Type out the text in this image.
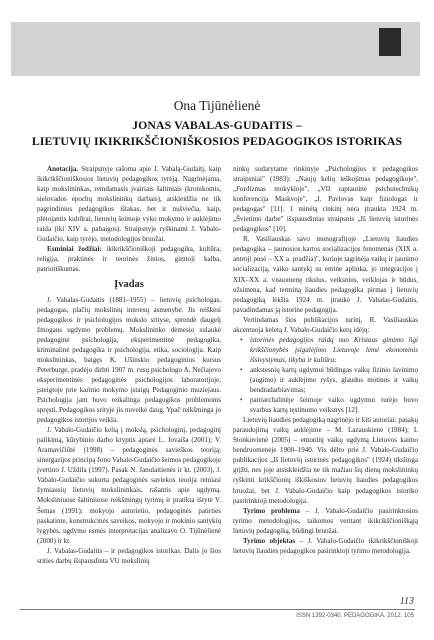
Ona Tijūnėlienė
JONAS VABALAS-GUDAITIS –
LIETUVIŲ IKIKRIKŠČIONIŠKOSIOS PEDAGOGIKOS ISTORIKAS

Anotacija. Straipsnyje rašoma apie J. Vabalą-Gudaitį, kaip ikikrikščioniškosios lietuvių pedagogikos tyrėją. Nagrinėjama, kaip mokslininkas, remdamasis įvairiais šaltiniais (kronikomis, sielovados epochų mokslininkų darbais), atskleidžia ne tik pagrindinius pedagogikos ištakas, bet ir nušviečia, kaip, plėtojantis kultūrai, lietuvių šeimoje vyko mokymo ir auklėjimo raida (iki XIV a. pabaigos). Straipsnyje ryškinami J. Vabalo-Gudaičio, kaip tyrėjo, metodologijos bruožai.

Esminiai žodžiai: ikikrikščioniškoji pedagogika, kultūra, religija, praktinės ir teorinės žinios, gimtoji kalba, patriotiškumas.

Įvadas

J. Vabalas-Gudaitis (1881–1955) – lietuvių psichologas, pedagogas, plačių mokslinių interesų asmenybė. Jis reiškėsi pedagogikos ir psichologijos mokslo srityse, sprendė daugelį žmogaus ugdymo problemų. Mokslininko dėmesio sulaukė pedagoginė psichologija, eksperimentinė pedagogika, kriminalinė pedagogika ir psichologija, etika, sociologija. Kaip mokslininkas, baigęs K. Ušinskio pedagoginius kursus Peterburge, pradėjo dirbti 1907 m. rusų psichologo A. Nečiajevo eksperimentinės pedagoginės psichologijos laboratorijoje, įsteigtoje prie karinio mokymo įstaigų Pedagoginio muziejaus. Psichologija jam buvo reikalinga pedagogikos problemoms spręsti. Pedagogikos srityje jis nuveikė daug. Ypač reikšminga jo pedagogikos istorijos veikla.

J. Vabalo-Gudaičio kelią į mokslą, psichologinį, pedagoginį palikimą, kūrybinio darbo kryptis aptarė L. Jovaiša (2001); V. Aramavičiūtė (1998) – pedagoginės savieškos teoriją; sinergazijos principą Jono Vabalo-Gudaičio šeimos pedagogikoje įvertino J. Uždila (1997). Pasak N. Janulaitienės ir kt. (2003), J. Vabalo-Gudaičio sukurta pedagoginės saviekos teorija remiasi žymiausių lietuvių mokslininkais, rašantis apie ugdymą. Moksliniuose šaltiniuose reikšmingų tyrimų ir pratikta išrytė V. Šemas (1991); mokyojo autorietio, pedagoginės patirties paskatinte, konstrukcinės saveikos, mokyojo ir mokinio santykių lygybės, ugdymo esmės interpretacijas analizavo O. Tijūnėlienė (2000) ir kt.

J. Vabalas-Gudaitis – ir pedagogikos istorikas. Dalis jo šios srities darbų išspausdinta VU mokslinių

ninkų sudarytame rinkinyje „Psichologijos ir pedagogikos straipsniai" (1983): „Naujų kelių ieškojimas pedagogikoje", „Fordizmas mokykloje", „VII raptautinė psichotechnikų konferencija Maskvoje", „I. Pavlovas kaip fiziologas ir pedagogas" [11]. 1 minėtą rinkinį nėra įtraukta 1924 m. „Švietimo darbe" išspausdintas straipsnis „Iš lietuvių istorinės pedagogikos" [10].

R. Vasiliauskas savo monografijoje „Lietuvių liaudies pedagogika – jaunosios kartos socializacijos fenomenas (XIX a. antroji pusė – XX a. pradžia)", kurioje tagrinėja vaikų ir jaunimo socializaciją, vaiko santykį su emine aplinka, jo integracijos į XIX–XX a. visuomenę tikslus, veiksnius, veiklojas ir būdus, užsimena, kad terminą liaudies pedagogika pirmas į lietuvių pedagogiką lėkšta 1924 m. įtraukė J. Vabalas-Gudaitis, pavadindamas ją istorine pedagogija.

Vertindamas šios publikacijos turinį, R. Vasiliauskas akcentuoja keletą J. Vabalo-Gudaičio ketų idėjų:

• istorinės pedagogijos raidą nuo Kristaus gimimo ligi krikščionybės įsigalėjimo Lietuvoje lėmė ekonominis išsivystymas, tikyba ir kultūra;
• ankstesnių kartų ugdymui būdingas vaikų fizinio lavinimo (augimo) ir auklėjimo ryšys, glaudus motinos ir vaikų bendradarbiavimas;
• patriarchalinėje šeimoje vaiko ugdymui turėjo buvo svarbus kartų tęstinumo veiksnys [12].

Lietuvių liaudies pedagogiką nagrinėjo ir kiti autoriai: pasakų paraudojimą vaikų auklėjime – M. Lazauskienė (1984); I. Stonkuvienė (2005) – etnoninį vaikų ugdymą Lietuvos kaimo bendruomenėje 1900–1940. Vis dėlto prie J. Vabalo-Gudaičio publikacijos „Iš lietuvių istorinės pedagogikos" (1924) tikslinga grįžti, nes joje atsiskleidžia ne tik mažiau šių dienų mokslininkų ryškinti krikščionių iškiškosios lietuvių liaudies pedagogikos bruožai, bet J. Vabalo-Gudaičio kaip pedagogikos istoriko pastirinktoji metodologija.

Tyrimo problema – J. Vabalo-Gudaičio pasirinktosios tyrimo metodologijos, taikomos veritant ikikrikščioniškąją lietuvių pedagogiką, būdingi bruožai.

Tyrimo objektas – J. Vabalo-Gudaičio ikikrikščioniškoji lietuvių liaudies pedagogikos pasirinktoji tyrimo metodologija.

113
ISSN 1392-0340. PEDAGOGIKA. 2012. 105
